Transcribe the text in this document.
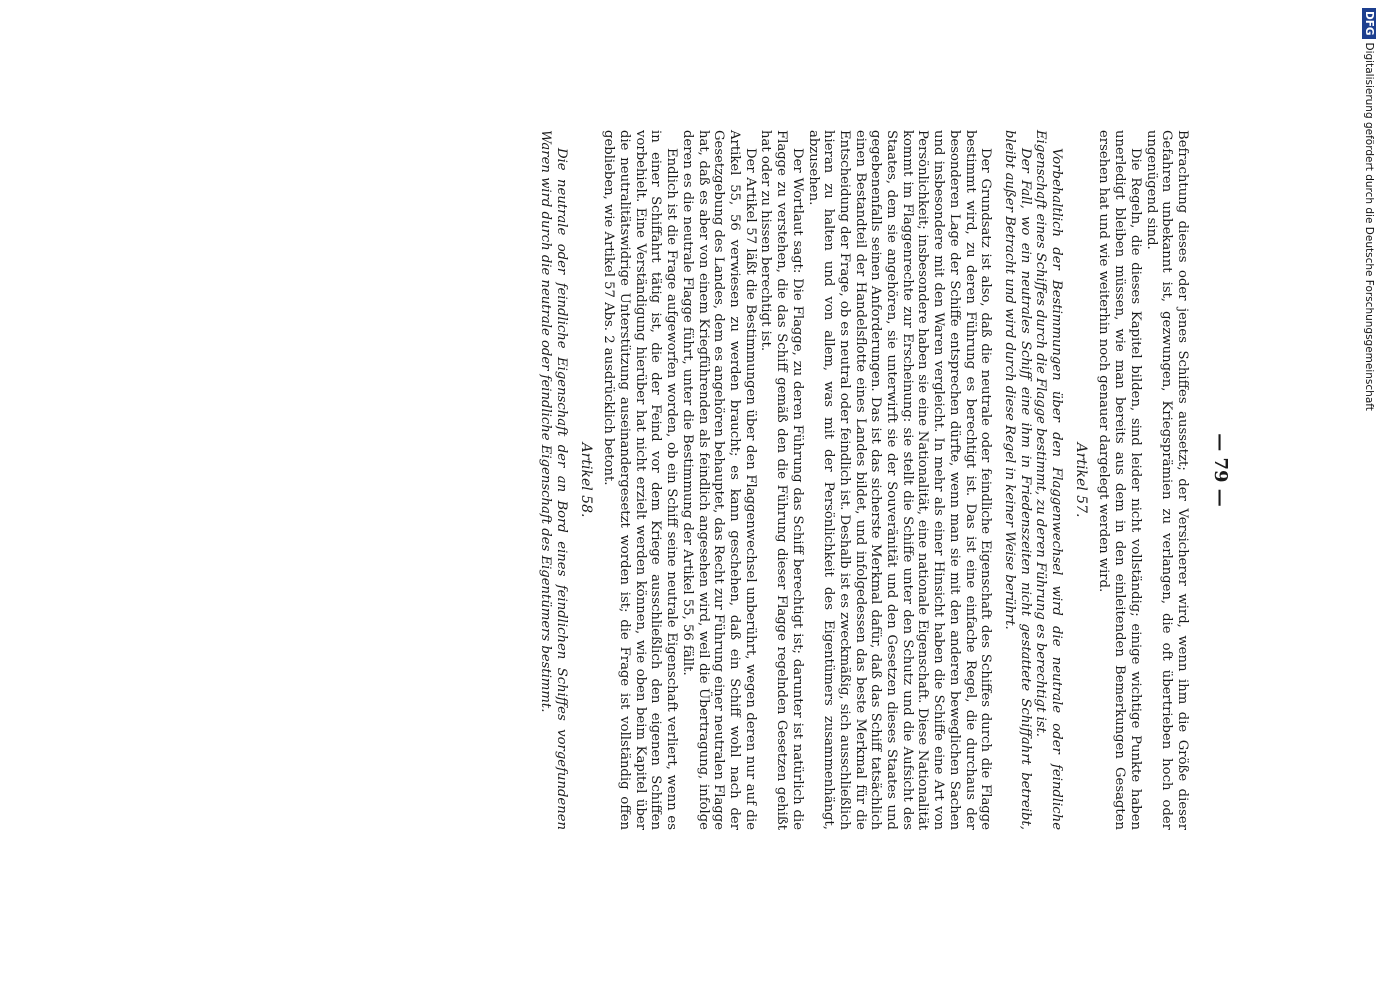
— 79 —

Befrachtung dieses oder jenes Schiffes aussetzt; der Versicherer wird, wenn ihm die Größe dieser Gefahren unbekannt ist, gezwungen, Kriegsprämien zu verlangen, die oft übertrieben hoch oder ungenügend sind.

Die Regeln, die dieses Kapitel bilden, sind leider nicht vollständig; einige wichtige Punkte haben unerledigt bleiben müssen, wie man bereits aus dem in den einleitenden Bemerkungen Gesagten ersehen hat und wie weiterhin noch genauer dargelegt werden wird.

Artikel 57.

Vorbehaltlich der Bestimmungen über den Flaggenwechsel wird die neutrale oder feindliche Eigenschaft eines Schiffes durch die Flagge bestimmt, zu deren Führung es berechtigt ist.

Der Fall, wo ein neutrales Schiff eine ihm in Friedenszeiten nicht gestattete Schiffahrt betreibt, bleibt außer Betracht und wird durch diese Regel in keiner Weise berührt.

Der Grundsatz ist also, daß die neutrale oder feindliche Eigenschaft des Schiffes durch die Flagge bestimmt wird, zu deren Führung es berechtigt ist. Das ist eine einfache Regel, die durchaus der besonderen Lage der Schiffe entsprechen dürfte, wenn man sie mit den anderen beweglichen Sachen und insbesondere mit den Waren vergleicht. In mehr als einer Hinsicht haben die Schiffe eine Art von Persönlichkeit; insbesondere haben sie eine Nationalität, eine nationale Eigenschaft. Diese Nationalität kommt im Flaggenrechte zur Erscheinung: sie stellt die Schiffe unter den Schutz und die Aufsicht des Staates, dem sie angehören, sie unterwirft sie der Souveränität und den Gesetzen dieses Staates und gegebenenfalls seinen Anforderungen. Das ist das sicherste Merkmal dafür, daß das Schiff tatsächlich einen Bestandteil der Handelsflotte eines Landes bildet, und infolgedessen das beste Merkmal für die Entscheidung der Frage, ob es neutral oder feindlich ist. Deshalb ist es zweckmäßig, sich ausschließlich hieran zu halten und von allem, was mit der Persönlichkeit des Eigentümers zusammenhängt, abzusehen.

Der Wortlaut sagt: Die Flagge, zu deren Führung das Schiff berechtigt ist; darunter ist natürlich die Flagge zu verstehen, die das Schiff gemäß den die Führung dieser Flagge regelnden Gesetzen gehißt hat oder zu hissen berechtigt ist.

Der Artikel 57 läßt die Bestimmungen über den Flaggenwechsel unberührt, wegen deren nur auf die Artikel 55, 56 verwiesen zu werden braucht; es kann geschehen, daß ein Schiff wohl nach der Gesetzgebung des Landes, dem es angehören behauptet, das Recht zur Führung einer neutralen Flagge hat, daß es aber von einem Kriegführenden als feindlich angesehen wird, weil die Übertragung, infolge deren es die neutrale Flagge führt, unter die Bestimmung der Artikel 55, 56 fällt.

Endlich ist die Frage aufgeworfen worden, ob ein Schiff seine neutrale Eigenschaft verliert, wenn es in einer Schiffahrt tätig ist, die der Feind vor dem Kriege ausschließlich den eigenen Schiffen vorbehielt. Eine Verständigung hierüber hat nicht erzielt werden können, wie oben beim Kapitel über die neutralitätswidrige Unterstützung auseinandergesetzt worden ist; die Frage ist vollständig offen geblieben, wie Artikel 57 Abs. 2 ausdrücklich betont.

Artikel 58.

Die neutrale oder feindliche Eigenschaft der an Bord eines feindlichen Schiffes vorgefundenen Waren wird durch die neutrale oder feindliche Eigenschaft des Eigentümers bestimmt.

DFGDigitalisierung gefördert durch die Deutsche Forschungsgemeinschaft
